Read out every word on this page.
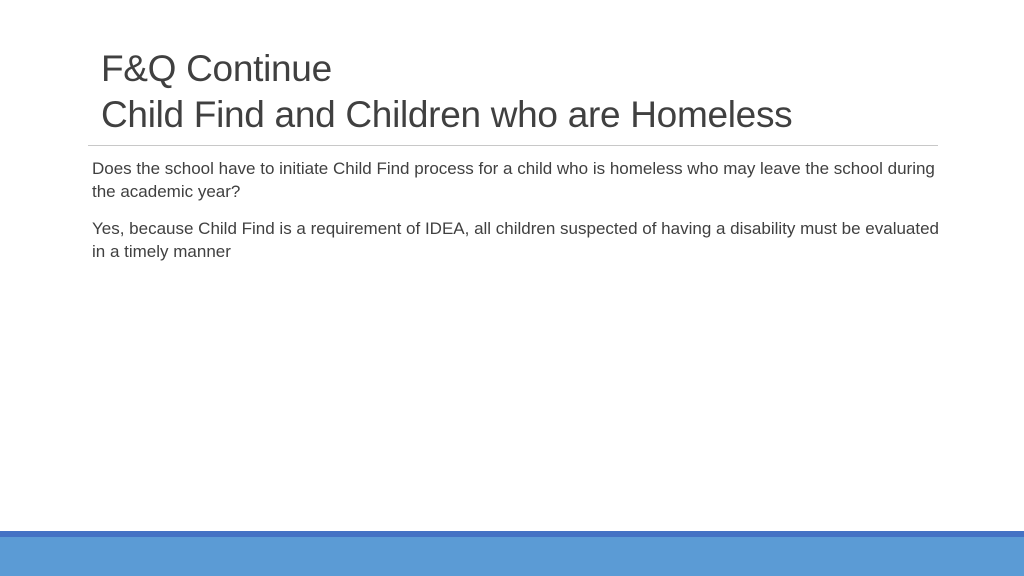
F&Q Continue
Child Find and Children who are Homeless

Does the school have to initiate Child Find process for a child who is homeless who may leave the school during the academic year?

Yes, because Child Find is a requirement of IDEA, all children suspected of having a disability must be evaluated in a timely manner
